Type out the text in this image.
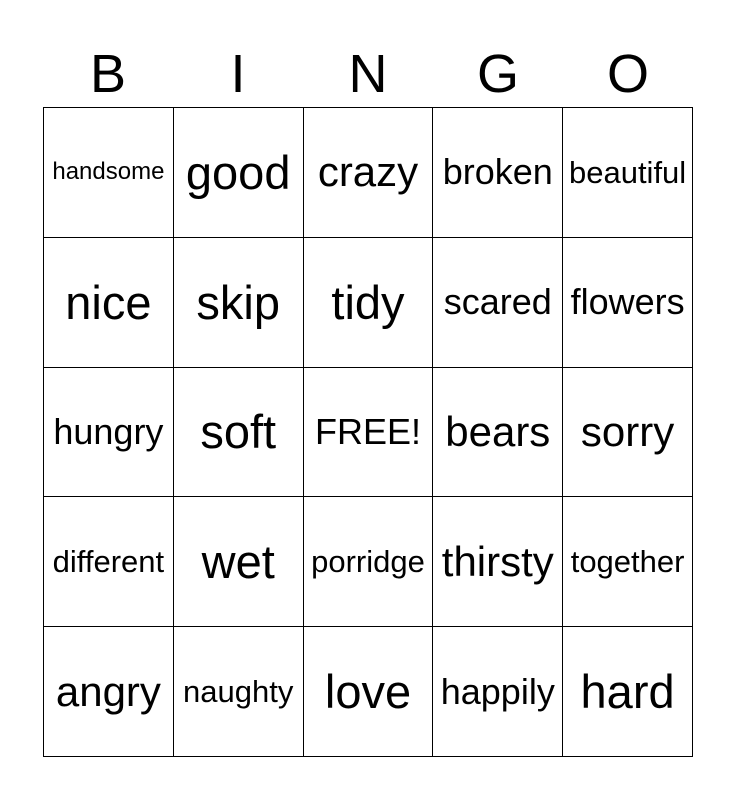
B	I	N	G	O
handsome good crazy broken beautiful
nice skip	tidy	scared flowers
hungry soft	FREE! bears sorry
different wet	porridge thirsty together
angry naughty love happily hard
